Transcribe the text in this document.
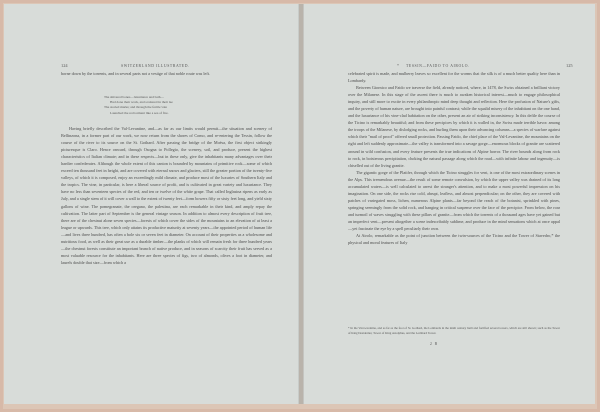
124	SWITZERLAND ILLUSTRATED.

borne down by the torrents, and in several parts not a vestige of that noble route was left.

The shivered bones—luxuriance and bath—
Had done their work, and scattered in their lee
The storied marks; and through the fertile vale
Launched the red torment like a sea of fire.

Having briefly described the Val-Levantine, and—as far as our limits would permit—the situation and scenery of Bellinzona, in a former part of our work, we now return from the shores of Como, and re-entering the Tessin, follow the course of the river to its source on the St. Gothard. After passing the bridge of the Moësa, the first object strikingly picturesque is Claro. Hence onward, through Osogna to Pollegio, the scenery, soil, and produce, present the highest characteristics of Italian climate; and in these respects—but in these only, give the inhabitants many advantages over their hardier confederates. Although the whole extent of this canton is bounded by mountains of primitive rock—some of which exceed ten thousand feet in height, and are covered with eternal snows and glaciers, still the greater portion of the twenty-five valleys, of which it is composed, enjoy an exceedingly mild climate, and produce most of the luxuries of Southern Italy and the tropics. The vine, in particular, is here a liberal source of profit, and is cultivated in great variety and luxuriance. They have no less than seventeen species of the red, and ten or twelve of the white grape. That called Inglasina ripens as early as July, and a single stem of it will cover a wall to the extent of twenty feet—form bowers fifty or sixty feet long, and yield sixty gallons of wine. The pomegranate, the oregano, the palestina, are each remarkable in their kind, and amply repay the cultivation. The latter part of September is the general vintage season. In addition to almost every description of fruit tree, there are of the chestnut alone seven species—forests of which cover the sides of the mountains to an elevation of at least a league or upwards. This tree, which only attains its productive maturity at seventy years—the appointed period of human life—and lives three hundred, has often a bole six or seven feet in diameter. On account of their properties as a wholesome and nutritious food, as well as their great use as a durable timber—the planks of which will remain fresh for three hundred years—the chestnut forests constitute an important branch of native produce, and in seasons of scarcity their fruit has served as a most valuable resource for the inhabitants. Here are three species of figs, two of almonds, olives a foot in diameter, and laurels double that size—from which a

* TESSIN—FAIDO TO AIROLO.	125

celebrated spirit is made, and mulberry leaves so excellent for the worms that the silk is of a much better quality here than in Lombardy.

Between Giornico and Faido we traverse the field, already noticed, where, in 1478, the Swiss obtained a brilliant victory over the Milanese. In this stage of the ascent there is much to awaken historical interest—much to engage philosophical inquiry, and still more to excite in every philanthropic mind deep thought and reflection. Here the profusion of Nature's gifts, and the poverty of human nature, are brought into painful contrast; while the squalid misery of the inhabitant on the one hand, and the luxuriance of his vine-clad habitation on the other, present an air of striking inconsistency. In this defile the course of the Ticino is remarkably beautiful; and from these precipices by which it is walled in, the Swiss made terrible havoc among the troops of the Milanese, by dislodging rocks, and hurling them upon their advancing columns—a species of warfare against which their "mail of proof" offered small protection. Passing Faido, the chief place of the Val-Levantine, the mountains on the right and left suddenly approximate—the valley is transformed into a savage gorge—enormous blocks of granite are scattered around in wild confusion, and every feature presents the true indications of Alpine horror. The river bounds along from rock to rock, in boisterous precipitation, choking the natural passage along which the road—with infinite labour and ingenuity—is chiselled out of the living granite.

The gigantic gorge of the Platifer, through which the Ticino struggles for vent, is one of the most extraordinary scenes in the Alps. This tremendous avenue—the result of some remote convulsion, by which the upper valley was drained of its long accumulated waters—is well calculated to arrest the stranger's attention, and to make a most powerful impression on his imagination. On one side, the rocks rise cold, abrupt, leafless, and almost perpendicular; on the other, they are covered with patches of variegated moss, lichen, numerous Alpine plants—far beyond the reach of the botanist, sprinkled with pines, springing seemingly from the solid rock, and hanging in critical suspense over the face of the precipice. From below, the roar and turmoil of waves struggling with these pillars of granite—from which the torrents of a thousand ages have yet gained but an imperfect vent—present altogether a scene indescribably sublime, and produce in the mind sensations which at once appal—yet fascinate the eye by a spell peculiarly their own.

At Airolo, remarkable as the point of junction between the twin-sources of the Ticino and the Tower of Stavedro,* the physical and moral features of Italy

* In the Val-Leventina, and as far as the foot of St. Gothard, the Lombards in the ninth century built and fortified several towers, which are still shown; such as the Tower of King Desiderius; Tower of King Astolphus, and the Lombard Tower.
2 B
